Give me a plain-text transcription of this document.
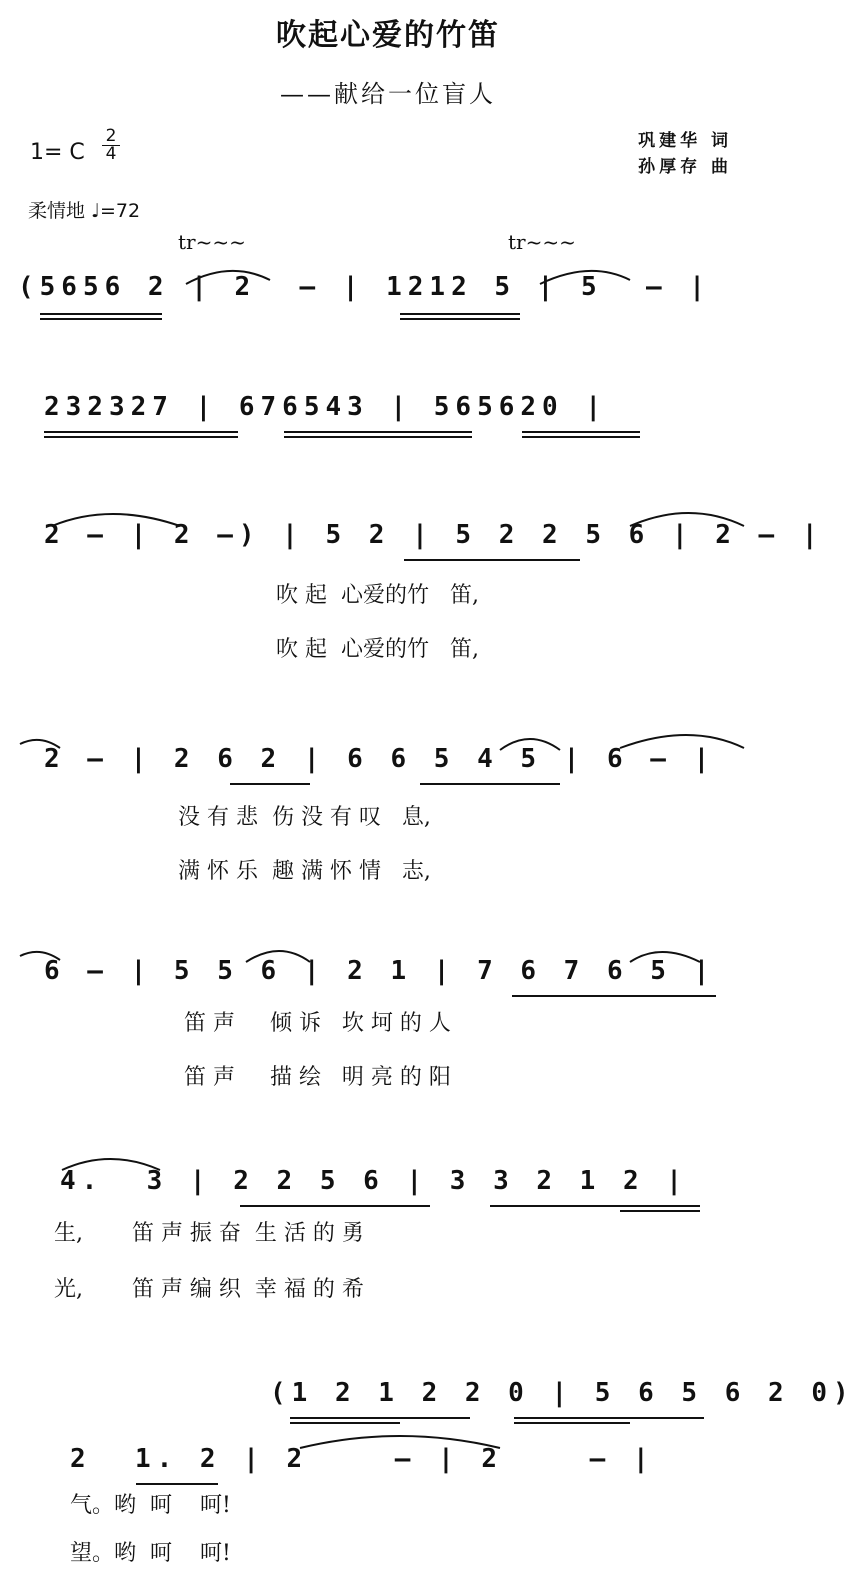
吹起心爱的竹笛
——献给一位盲人
1= C $\frac{2}{4}$
柔情地 ♩=72
巩建华 词
孙厚存 曲
tr~~~	tr~~~
(5656 2 | 2  – | 1212 5 | 5  – |
232327 | 676543 | 565620 |
2 – | 2 –) | 5 2 | 5 2 2 5 6 | 2 – |
吹 起  心爱的竹   笛,
吹 起  心爱的竹   笛,
2 – | 2 6 2 | 6 6 5 4 5 | 6 – |
没 有 悲  伤 没 有 叹   息,
满 怀 乐  趣 满 怀 情   志,
6 – | 5 5 6 | 2 1 | 7 6 7 6 5 |
笛 声     倾 诉   坎 坷 的 人
笛 声     描 绘   明 亮 的 阳
4.  3 | 2 2 5 6 | 3 3 2 1 2 |
生,       笛 声 振 奋  生 活 的 勇
光,       笛 声 编 织  幸 福 的 希
(1 2 1 2 2 0 | 5 6 5 6 2 0)
2  1. 2 | 2    – | 2    – |
气。哟  呵    呵!
望。哟  呵    呵!
